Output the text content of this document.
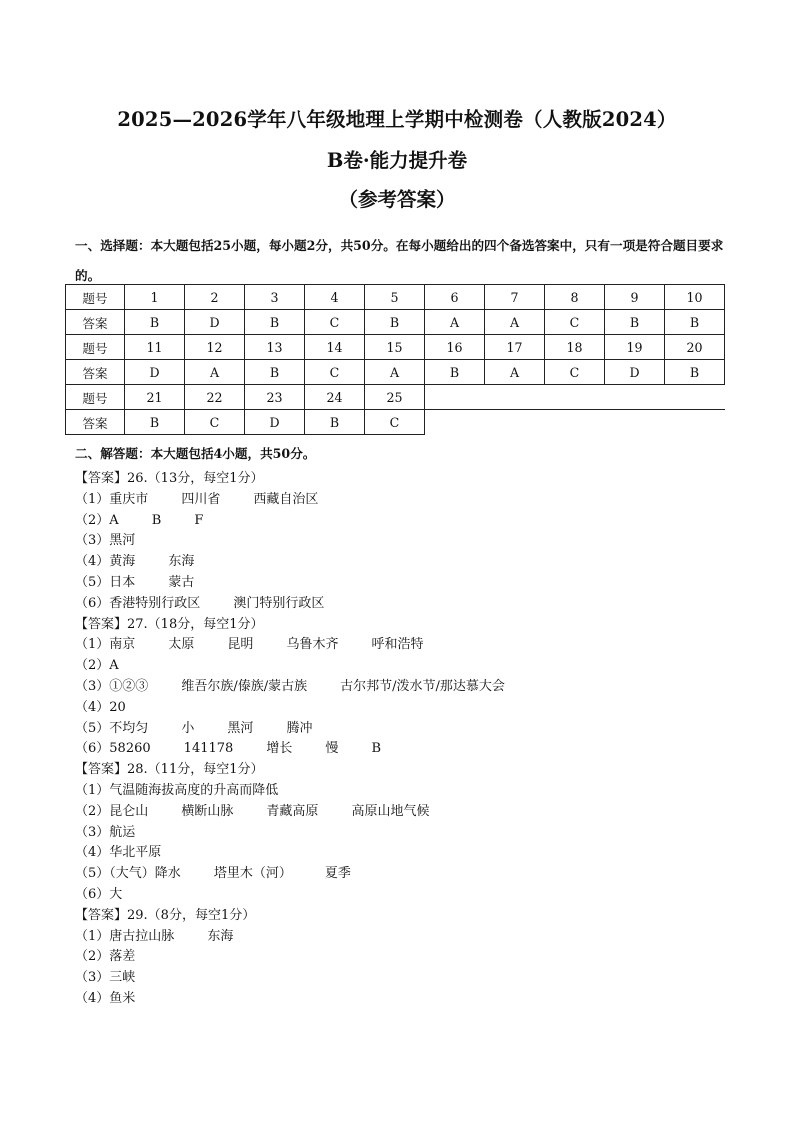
2025—2026学年八年级地理上学期中检测卷（人教版2024）
B卷·能力提升卷
（参考答案）
一、选择题：本大题包括25小题，每小题2分，共50分。在每小题给出的四个备选答案中，只有一项是符合题目要求的。
题号	1	2	3	4	5	6	7	8	9	10
答案	B	D	B	C	B	A	A	C	B	B
题号	11	12	13	14	15	16	17	18	19	20
答案	D	A	B	C	A	B	A	C	D	B
题号	21	22	23	24	25					
答案	B	C	D	B	C					
二、解答题：本大题包括4小题，共50分。
【答案】26.（13分，每空1分）
（1）重庆市        四川省        西藏自治区
（2）A        B        F
（3）黑河
（4）黄海        东海
（5）日本        蒙古
（6）香港特别行政区        澳门特别行政区
【答案】27.（18分，每空1分）
（1）南京        太原        昆明        乌鲁木齐        呼和浩特
（2）A
（3）①②③        维吾尔族/傣族/蒙古族        古尔邦节/泼水节/那达慕大会
（4）20
（5）不均匀        小        黑河        腾冲
（6）58260        141178        增长        慢        B
【答案】28.（11分，每空1分）
（1）气温随海拔高度的升高而降低
（2）昆仑山        横断山脉        青藏高原        高原山地气候
（3）航运
（4）华北平原
（5）（大气）降水        塔里木（河）        夏季
（6）大
【答案】29.（8分，每空1分）
（1）唐古拉山脉        东海
（2）落差
（3）三峡
（4）鱼米
